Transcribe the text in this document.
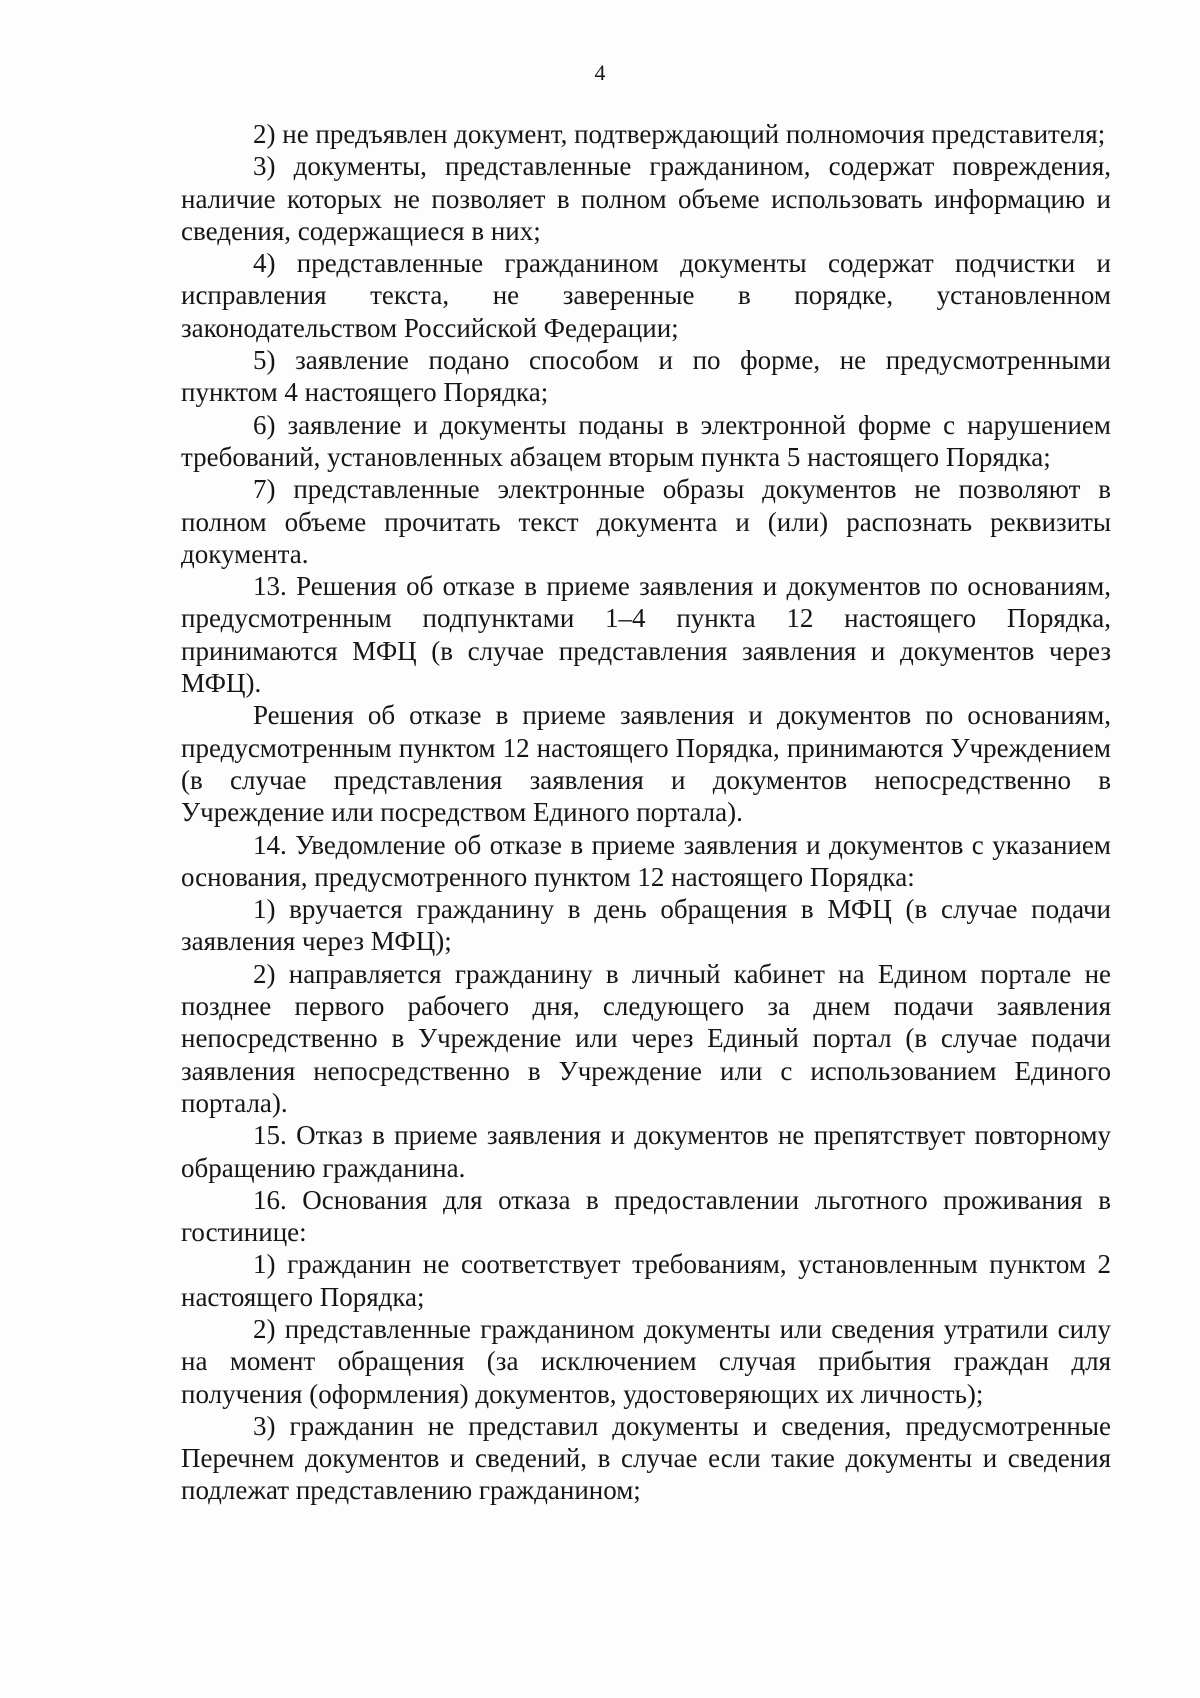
4

2) не предъявлен документ, подтверждающий полномочия представителя;

3) документы, представленные гражданином, содержат повреждения, наличие которых не позволяет в полном объеме использовать информацию и сведения, содержащиеся в них;

4) представленные гражданином документы содержат подчистки и исправления текста, не заверенные в порядке, установленном законодательством Российской Федерации;

5) заявление подано способом и по форме, не предусмотренными пунктом 4 настоящего Порядка;

6) заявление и документы поданы в электронной форме с нарушением требований, установленных абзацем вторым пункта 5 настоящего Порядка;

7) представленные электронные образы документов не позволяют в полном объеме прочитать текст документа и (или) распознать реквизиты документа.

13. Решения об отказе в приеме заявления и документов по основаниям, предусмотренным подпунктами 1–4 пункта 12 настоящего Порядка, принимаются МФЦ (в случае представления заявления и документов через МФЦ).

Решения об отказе в приеме заявления и документов по основаниям, предусмотренным пунктом 12 настоящего Порядка, принимаются Учреждением (в случае представления заявления и документов непосредственно в Учреждение или посредством Единого портала).

14. Уведомление об отказе в приеме заявления и документов с указанием основания, предусмотренного пунктом 12 настоящего Порядка:

1) вручается гражданину в день обращения в МФЦ (в случае подачи заявления через МФЦ);

2) направляется гражданину в личный кабинет на Едином портале не позднее первого рабочего дня, следующего за днем подачи заявления непосредственно в Учреждение или через Единый портал (в случае подачи заявления непосредственно в Учреждение или с использованием Единого портала).

15. Отказ в приеме заявления и документов не препятствует повторному обращению гражданина.

16. Основания для отказа в предоставлении льготного проживания в гостинице:

1) гражданин не соответствует требованиям, установленным пунктом 2 настоящего Порядка;

2) представленные гражданином документы или сведения утратили силу на момент обращения (за исключением случая прибытия граждан для получения (оформления) документов, удостоверяющих их личность);

3) гражданин не представил документы и сведения, предусмотренные Перечнем документов и сведений, в случае если такие документы и сведения подлежат представлению гражданином;
